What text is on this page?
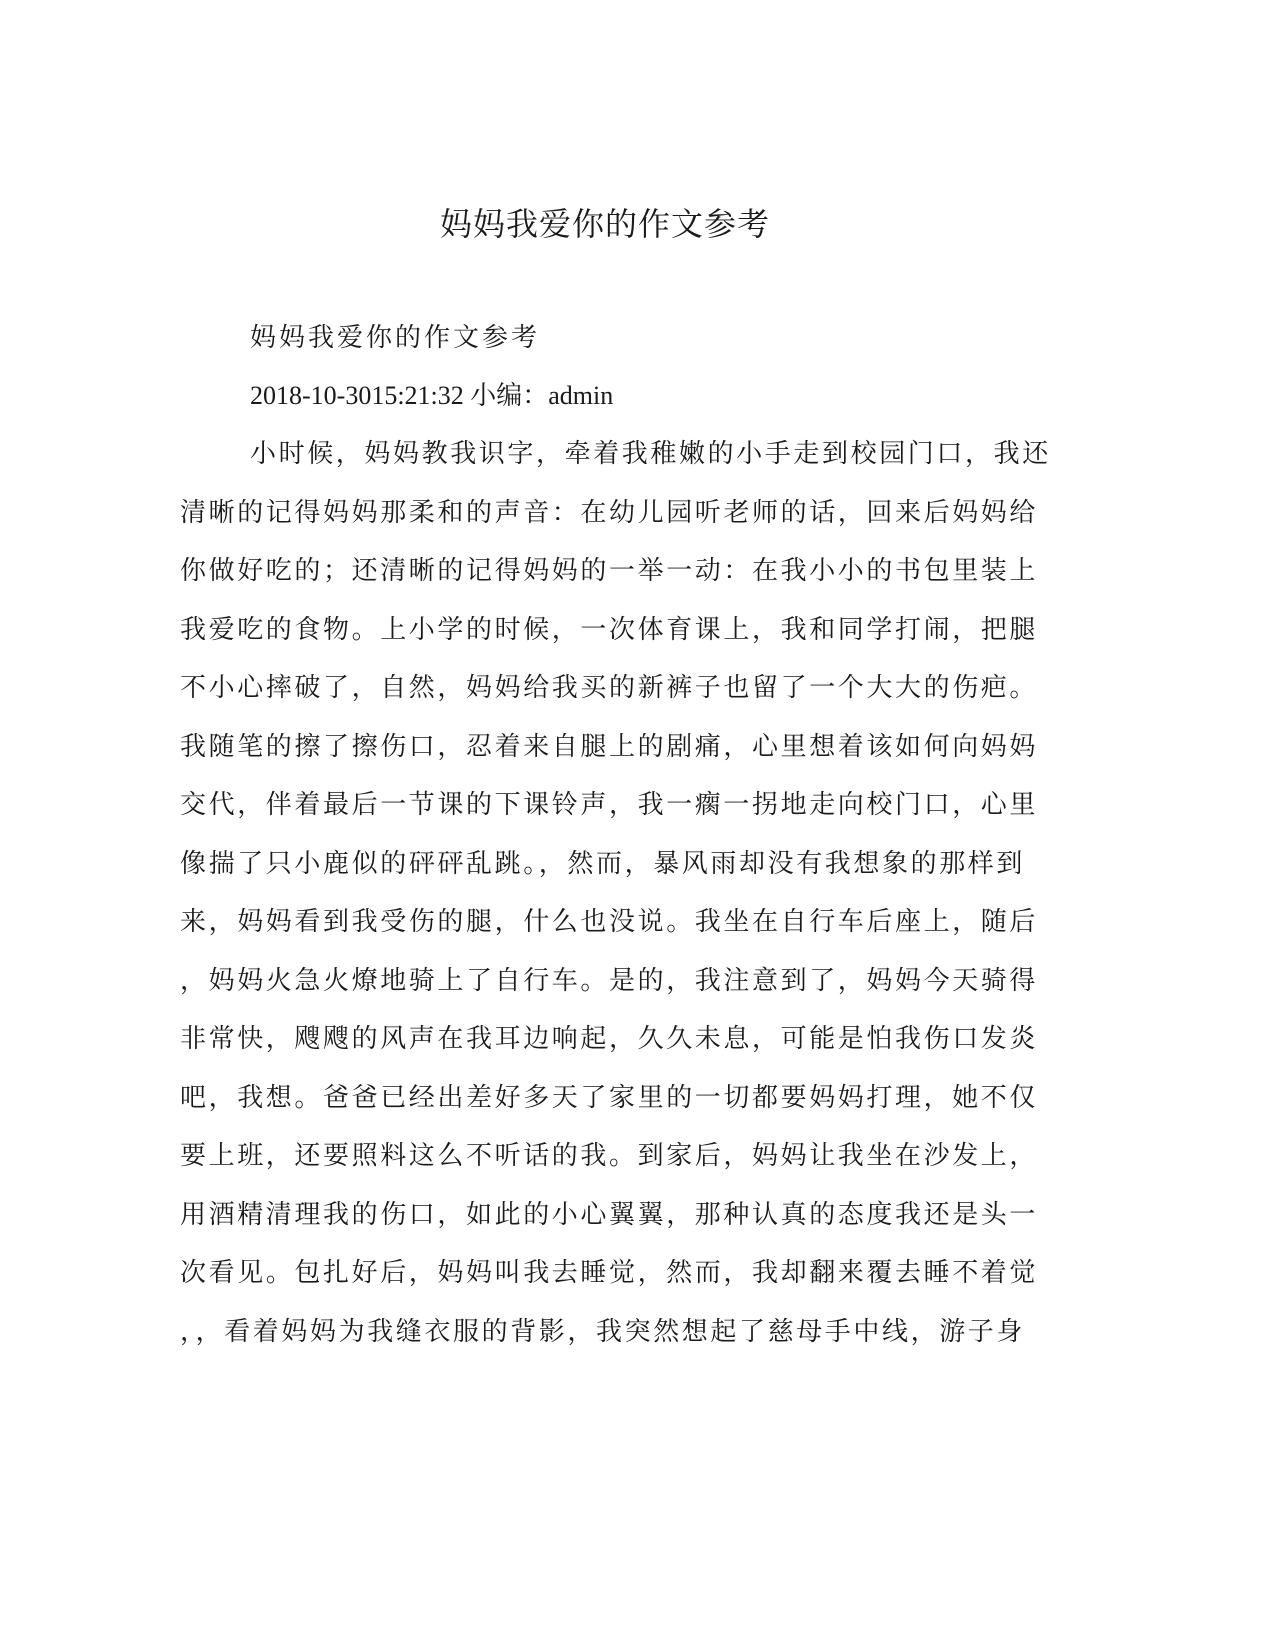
妈妈我爱你的作文参考
妈妈我爱你的作文参考
2018-10-3015:21:32 小编：admin
小时候，妈妈教我识字，牵着我稚嫩的小手走到校园门口，我还
清晰的记得妈妈那柔和的声音：在幼儿园听老师的话，回来后妈妈给
你做好吃的；还清晰的记得妈妈的一举一动：在我小小的书包里装上
我爱吃的食物。上小学的时候，一次体育课上，我和同学打闹，把腿
不小心摔破了，自然，妈妈给我买的新裤子也留了一个大大的伤疤。
我随笔的擦了擦伤口，忍着来自腿上的剧痛，心里想着该如何向妈妈
交代，伴着最后一节课的下课铃声，我一瘸一拐地走向校门口，心里
像揣了只小鹿似的砰砰乱跳。，然而，暴风雨却没有我想象的那样到
来，妈妈看到我受伤的腿，什么也没说。我坐在自行车后座上，随后
，妈妈火急火燎地骑上了自行车。是的，我注意到了，妈妈今天骑得
非常快，飕飕的风声在我耳边响起，久久未息，可能是怕我伤口发炎
吧，我想。爸爸已经出差好多天了家里的一切都要妈妈打理，她不仅
要上班，还要照料这么不听话的我。到家后，妈妈让我坐在沙发上，
用酒精清理我的伤口，如此的小心翼翼，那种认真的态度我还是头一
次看见。包扎好后，妈妈叫我去睡觉，然而，我却翻来覆去睡不着觉
，，看着妈妈为我缝衣服的背影，我突然想起了慈母手中线，游子身
